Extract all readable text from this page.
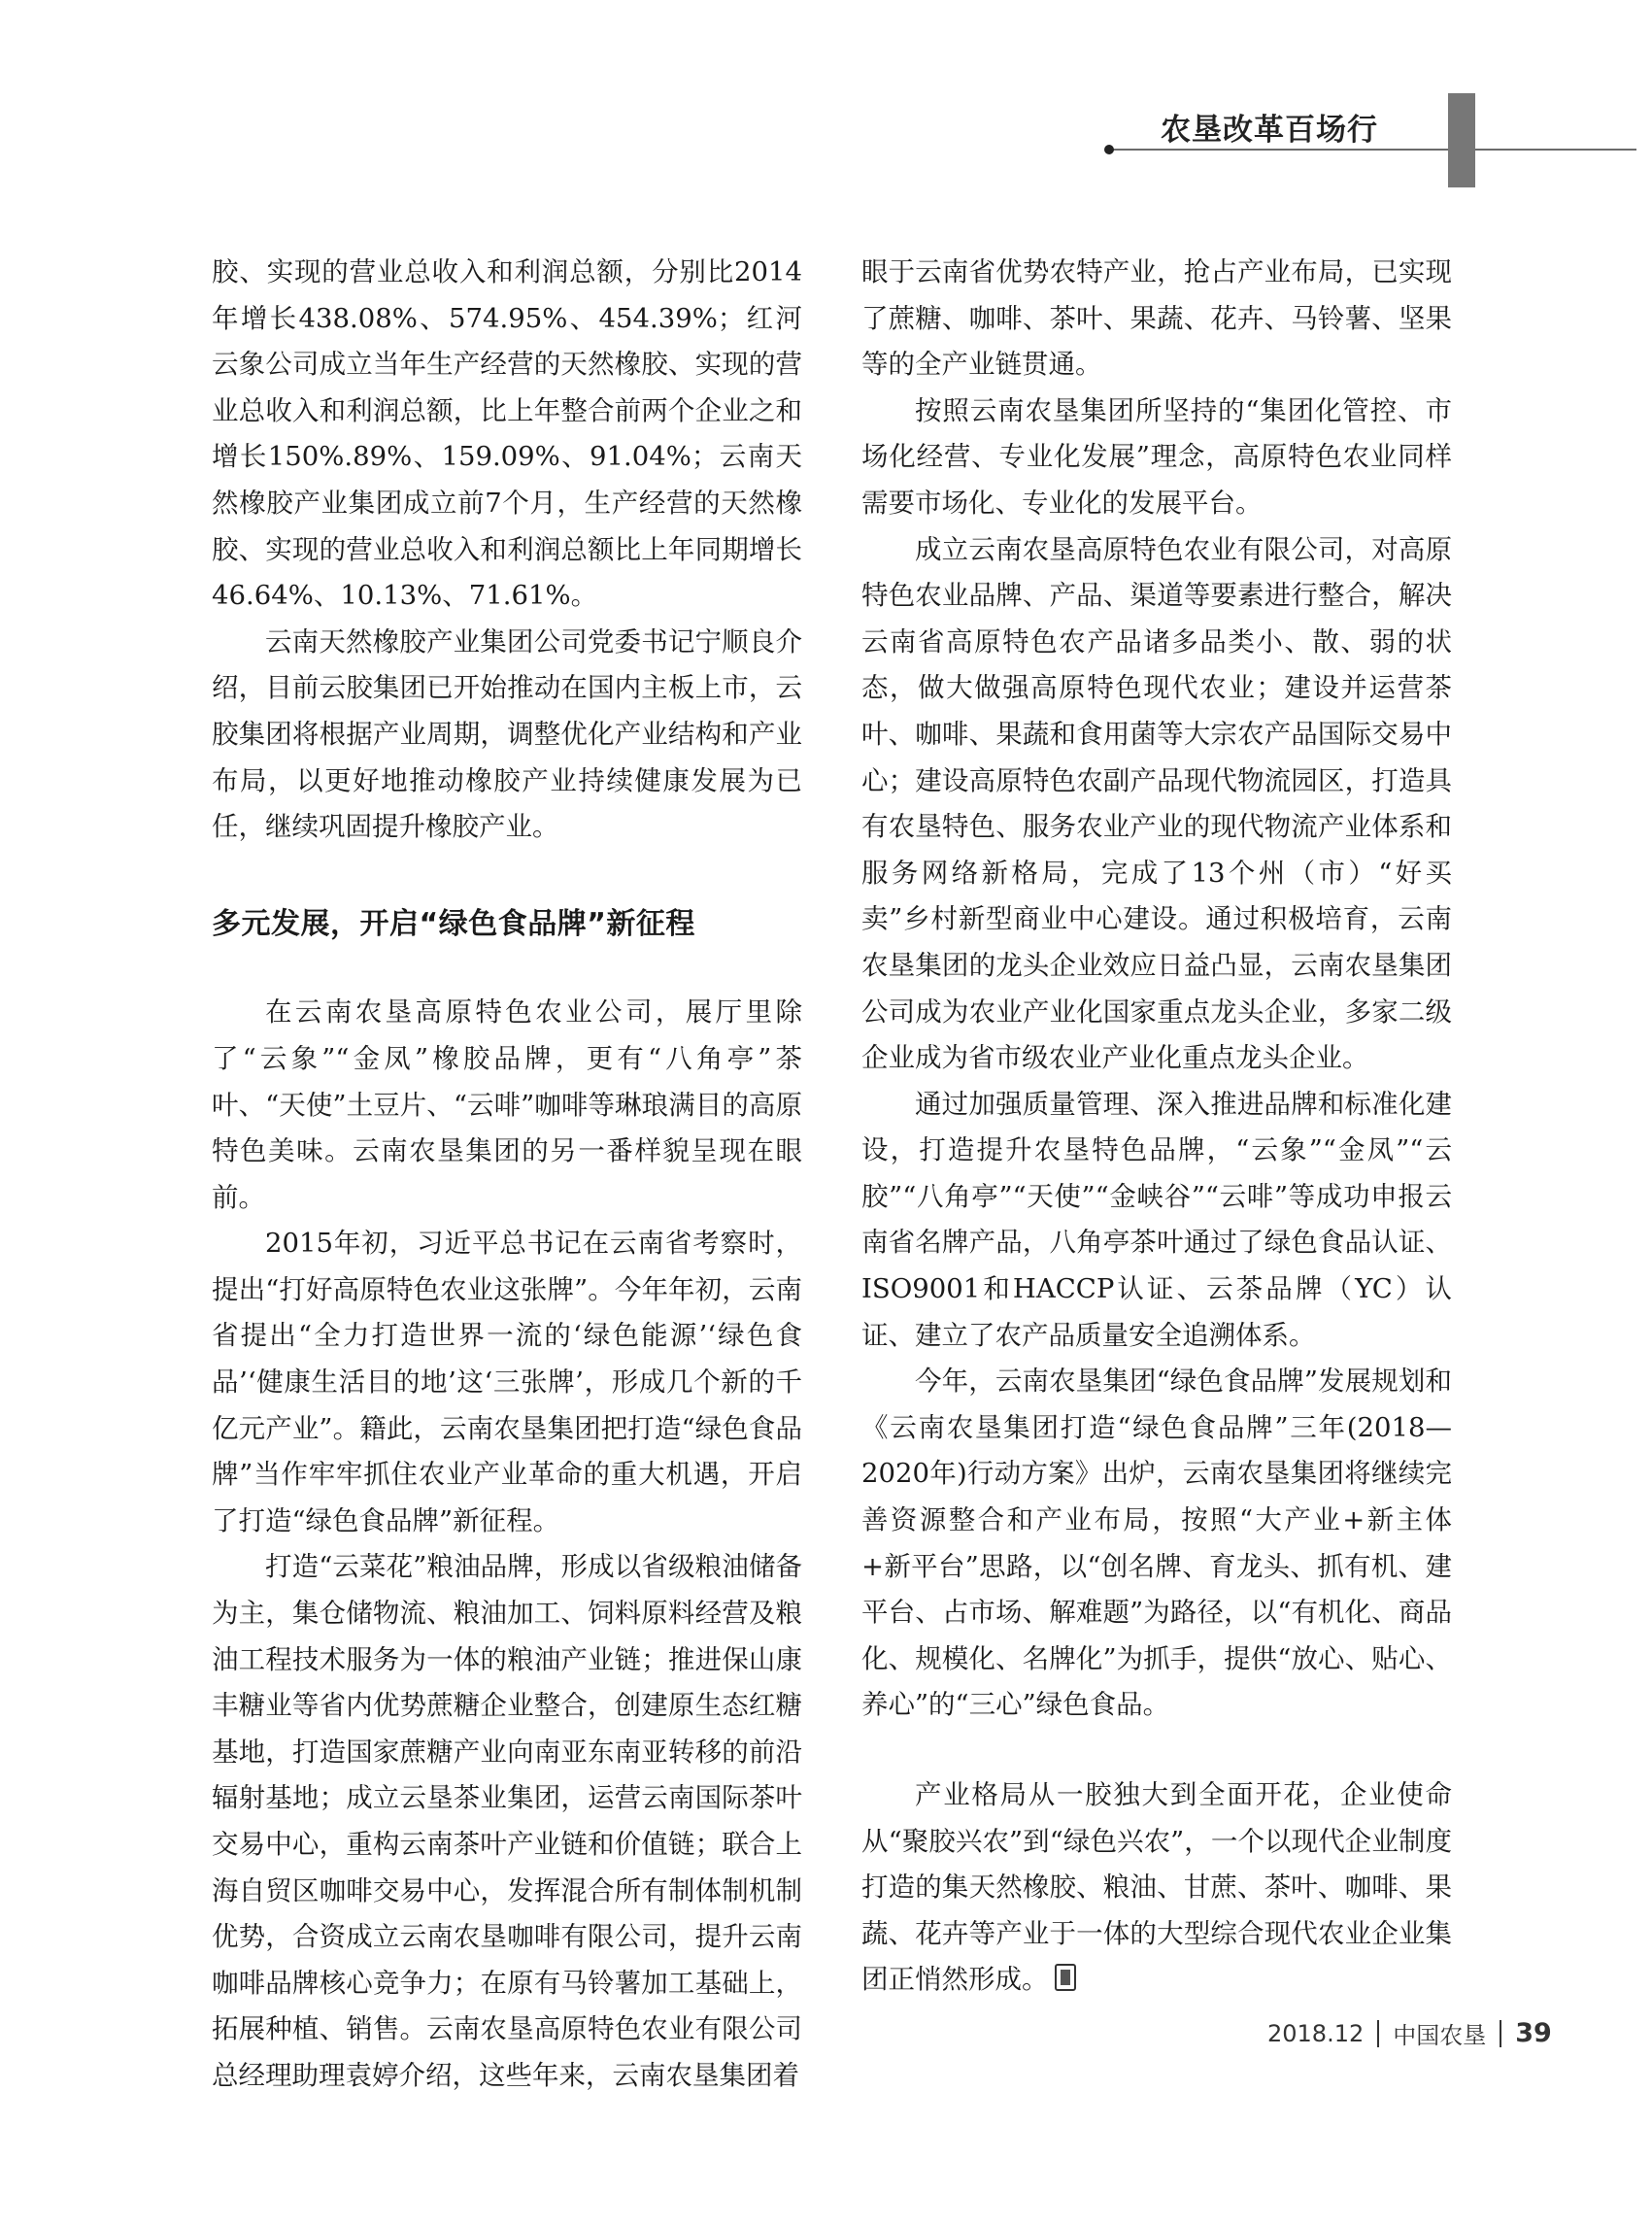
农垦改革百场行

胶、实现的营业总收入和利润总额，分别比2014年增长438.08%、574.95%、454.39%；红河云象公司成立当年生产经营的天然橡胶、实现的营业总收入和利润总额，比上年整合前两个企业之和增长150%.89%、159.09%、91.04%；云南天然橡胶产业集团成立前7个月，生产经营的天然橡胶、实现的营业总收入和利润总额比上年同期增长46.64%、10.13%、71.61%。

云南天然橡胶产业集团公司党委书记宁顺良介绍，目前云胶集团已开始推动在国内主板上市，云胶集团将根据产业周期，调整优化产业结构和产业布局，以更好地推动橡胶产业持续健康发展为已任，继续巩固提升橡胶产业。

多元发展，开启“绿色食品牌”新征程

在云南农垦高原特色农业公司，展厅里除了“云象”“金凤”橡胶品牌，更有“八角亭”茶叶、“天使”土豆片、“云啡”咖啡等琳琅满目的高原特色美味。云南农垦集团的另一番样貌呈现在眼前。

2015年初，习近平总书记在云南省考察时，提出“打好高原特色农业这张牌”。今年年初，云南省提出“全力打造世界一流的‘绿色能源’‘绿色食品’‘健康生活目的地’这‘三张牌’，形成几个新的千亿元产业”。籍此，云南农垦集团把打造“绿色食品牌”当作牢牢抓住农业产业革命的重大机遇，开启了打造“绿色食品牌”新征程。

打造“云菜花”粮油品牌，形成以省级粮油储备为主，集仓储物流、粮油加工、饲料原料经营及粮油工程技术服务为一体的粮油产业链；推进保山康丰糖业等省内优势蔗糖企业整合，创建原生态红糖基地，打造国家蔗糖产业向南亚东南亚转移的前沿辐射基地；成立云垦茶业集团，运营云南国际茶叶交易中心，重构云南茶叶产业链和价值链；联合上海自贸区咖啡交易中心，发挥混合所有制体制机制优势，合资成立云南农垦咖啡有限公司，提升云南咖啡品牌核心竞争力；在原有马铃薯加工基础上，拓展种植、销售。云南农垦高原特色农业有限公司总经理助理袁婷介绍，这些年来，云南农垦集团着

眼于云南省优势农特产业，抢占产业布局，已实现了蔗糖、咖啡、茶叶、果蔬、花卉、马铃薯、坚果等的全产业链贯通。

按照云南农垦集团所坚持的“集团化管控、市场化经营、专业化发展”理念，高原特色农业同样需要市场化、专业化的发展平台。

成立云南农垦高原特色农业有限公司，对高原特色农业品牌、产品、渠道等要素进行整合，解决云南省高原特色农产品诸多品类小、散、弱的状态，做大做强高原特色现代农业；建设并运营茶叶、咖啡、果蔬和食用菌等大宗农产品国际交易中心；建设高原特色农副产品现代物流园区，打造具有农垦特色、服务农业产业的现代物流产业体系和服务网络新格局，完成了13个州（市）“好买卖”乡村新型商业中心建设。通过积极培育，云南农垦集团的龙头企业效应日益凸显，云南农垦集团公司成为农业产业化国家重点龙头企业，多家二级企业成为省市级农业产业化重点龙头企业。

通过加强质量管理、深入推进品牌和标准化建设，打造提升农垦特色品牌，“云象”“金凤”“云胶”“八角亭”“天使”“金峡谷”“云啡”等成功申报云南省名牌产品，八角亭茶叶通过了绿色食品认证、ISO9001和HACCP认证、云茶品牌（YC）认证、建立了农产品质量安全追溯体系。

今年，云南农垦集团“绿色食品牌”发展规划和《云南农垦集团打造“绿色食品牌”三年(2018—2020年)行动方案》出炉，云南农垦集团将继续完善资源整合和产业布局，按照“大产业+新主体+新平台”思路，以“创名牌、育龙头、抓有机、建平台、占市场、解难题”为路径，以“有机化、商品化、规模化、名牌化”为抓手，提供“放心、贴心、养心”的“三心”绿色食品。

产业格局从一胶独大到全面开花，企业使命从“聚胶兴农”到“绿色兴农”，一个以现代企业制度打造的集天然橡胶、粮油、甘蔗、茶叶、咖啡、果蔬、花卉等产业于一体的大型综合现代农业企业集团正悄然形成。

2018.12 中国农垦 39
